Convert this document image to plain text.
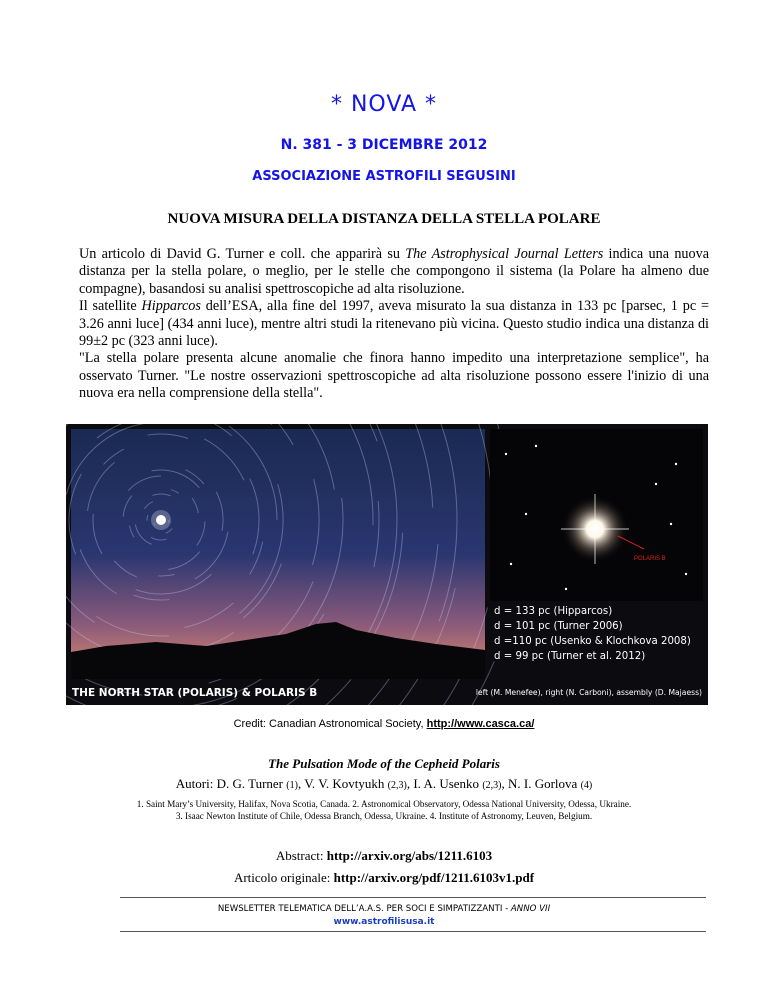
* NOVA *
N. 381 - 3 DICEMBRE 2012
ASSOCIAZIONE ASTROFILI SEGUSINI
NUOVA MISURA DELLA DISTANZA DELLA STELLA POLARE

Un articolo di David G. Turner e coll. che apparirà su The Astrophysical Journal Letters indica una nuova distanza per la stella polare, o meglio, per le stelle che compongono il sistema (la Polare ha almeno due compagne), basandosi su analisi spettroscopiche ad alta risoluzione.

Il satellite Hipparcos dell’ESA, alla fine del 1997, aveva misurato la sua distanza in 133 pc [parsec, 1 pc = 3.26 anni luce] (434 anni luce), mentre altri studi la ritenevano più vicina. Questo studio indica una distanza di 99±2 pc (323 anni luce).

"La stella polare presenta alcune anomalie che finora hanno impedito una interpretazione semplice", ha osservato Turner. "Le nostre osservazioni spettroscopiche ad alta risoluzione possono essere l'inizio di una nuova era nella comprensione della stella".

POLARIS B
d = 133 pc (Hipparcos)
d = 101 pc (Turner 2006)
d =110 pc (Usenko & Klochkova 2008)
d = 99 pc (Turner et al. 2012)
THE NORTH STAR (POLARIS) & POLARIS B	left (M. Menefee), right (N. Carboni), assembly (D. Majaess)
Credit: Canadian Astronomical Society, http://www.casca.ca/
The Pulsation Mode of the Cepheid Polaris
Autori: D. G. Turner (1), V. V. Kovtyukh (2,3), I. A. Usenko (2,3), N. I. Gorlova (4)
1. Saint Mary’s University, Halifax, Nova Scotia, Canada. 2. Astronomical Observatory, Odessa National University, Odessa, Ukraine.
3. Isaac Newton Institute of Chile, Odessa Branch, Odessa, Ukraine. 4. Institute of Astronomy, Leuven, Belgium.
Abstract: http://arxiv.org/abs/1211.6103
Articolo originale: http://arxiv.org/pdf/1211.6103v1.pdf
NEWSLETTER TELEMATICA DELL’A.A.S. PER SOCI E SIMPATIZZANTI - ANNO VII
www.astrofilisusa.it
